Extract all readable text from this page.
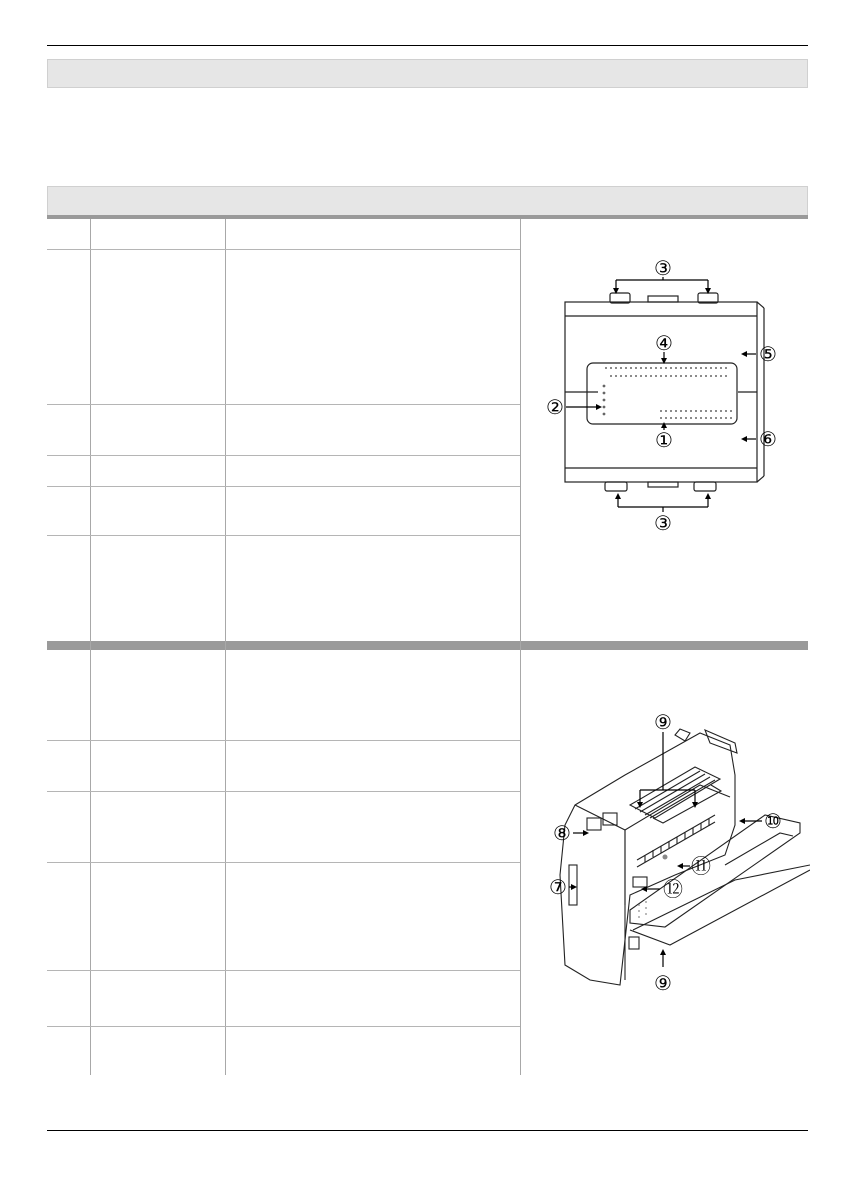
①
②
③
④	⑤
⑥
③
⑨
⑩
⑧
⑪
⑦	⑫
⑨
